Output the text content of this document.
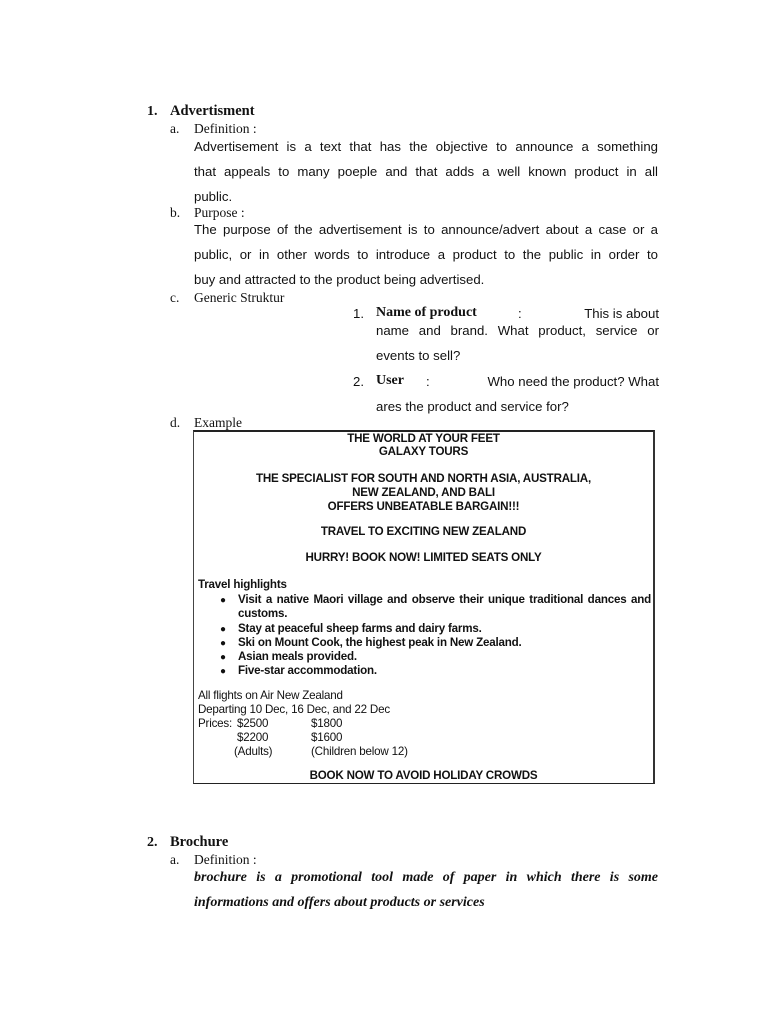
1. Advertisment
a. Definition :
Advertisement is a text that has the objective to announce a something
that appeals to many poeple and that adds a well known product in all
public.
b. Purpose :
The purpose of the advertisement is to announce/advert about a case or a
public, or in other words to introduce a product to the public in order to
buy and attracted to the product being advertised.
c. Generic Struktur
1. Name of product	:	This is about
name and brand. What product, service or
events to sell?
2. User :	Who need the product? What
ares the product and service for?
d. Example
THE WORLD AT YOUR FEET
GALAXY TOURS
THE SPECIALIST FOR SOUTH AND NORTH ASIA, AUSTRALIA,
NEW ZEALAND, AND BALI
OFFERS UNBEATABLE BARGAIN!!!
TRAVEL TO EXCITING NEW ZEALAND
HURRY! BOOK NOW! LIMITED SEATS ONLY
Travel highlights
● Visit a native Maori village and observe their unique traditional dances and
customs.
● Stay at peaceful sheep farms and dairy farms.
● Ski on Mount Cook, the highest peak in New Zealand.
● Asian meals provided.
● Five-star accommodation.
All flights on Air New Zealand
Departing 10 Dec, 16 Dec, and 22 Dec
Prices: $2500	$1800
$2200	$1600
(Adults)	(Children below 12)
BOOK NOW TO AVOID HOLIDAY CROWDS
2. Brochure
a. Definition :
brochure is a promotional tool made of paper in which there is some
informations and offers about products or services
